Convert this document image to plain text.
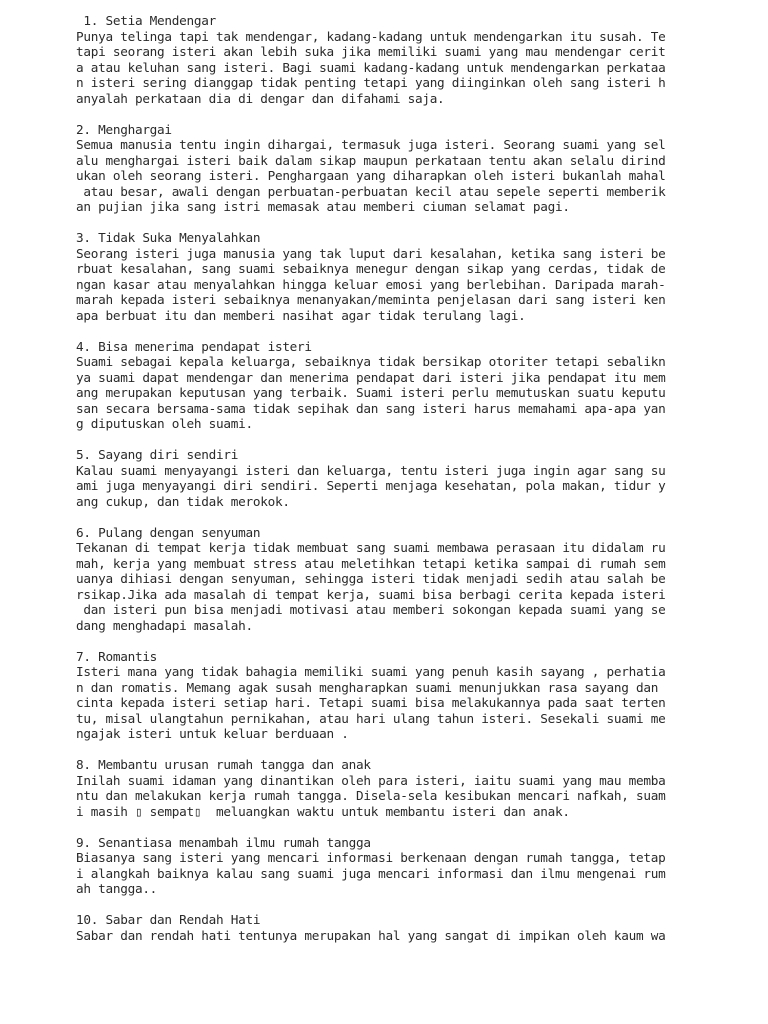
1. Setia Mendengar

Punya telinga tapi tak mendengar, kadang-kadang untuk mendengarkan itu susah. Te

tapi seorang isteri akan lebih suka jika memiliki suami yang mau mendengar cerit

a atau keluhan sang isteri. Bagi suami kadang-kadang untuk mendengarkan perkataa

n isteri sering dianggap tidak penting tetapi yang diinginkan oleh sang isteri h

anyalah perkataan dia di dengar dan difahami saja.

2. Menghargai

Semua manusia tentu ingin dihargai, termasuk juga isteri. Seorang suami yang sel

alu menghargai isteri baik dalam sikap maupun perkataan tentu akan selalu dirind

ukan oleh seorang isteri. Penghargaan yang diharapkan oleh isteri bukanlah mahal

atau besar, awali dengan perbuatan-perbuatan kecil atau sepele seperti memberik

an pujian jika sang istri memasak atau memberi ciuman selamat pagi.

3. Tidak Suka Menyalahkan

Seorang isteri juga manusia yang tak luput dari kesalahan, ketika sang isteri be

rbuat kesalahan, sang suami sebaiknya menegur dengan sikap yang cerdas, tidak de

ngan kasar atau menyalahkan hingga keluar emosi yang berlebihan. Daripada marah-

marah kepada isteri sebaiknya menanyakan/meminta penjelasan dari sang isteri ken

apa berbuat itu dan memberi nasihat agar tidak terulang lagi.

4. Bisa menerima pendapat isteri

Suami sebagai kepala keluarga, sebaiknya tidak bersikap otoriter tetapi sebalikn

ya suami dapat mendengar dan menerima pendapat dari isteri jika pendapat itu mem

ang merupakan keputusan yang terbaik. Suami isteri perlu memutuskan suatu keputu

san secara bersama-sama tidak sepihak dan sang isteri harus memahami apa-apa yan

g diputuskan oleh suami.

5. Sayang diri sendiri

Kalau suami menyayangi isteri dan keluarga, tentu isteri juga ingin agar sang su

ami juga menyayangi diri sendiri. Seperti menjaga kesehatan, pola makan, tidur y

ang cukup, dan tidak merokok.

6. Pulang dengan senyuman

Tekanan di tempat kerja tidak membuat sang suami membawa perasaan itu didalam ru

mah, kerja yang membuat stress atau meletihkan tetapi ketika sampai di rumah sem

uanya dihiasi dengan senyuman, sehingga isteri tidak menjadi sedih atau salah be

rsikap.Jika ada masalah di tempat kerja, suami bisa berbagi cerita kepada isteri

dan isteri pun bisa menjadi motivasi atau memberi sokongan kepada suami yang se

dang menghadapi masalah.

7. Romantis

Isteri mana yang tidak bahagia memiliki suami yang penuh kasih sayang , perhatia

n dan romatis. Memang agak susah mengharapkan suami menunjukkan rasa sayang dan

cinta kepada isteri setiap hari. Tetapi suami bisa melakukannya pada saat terten

tu, misal ulangtahun pernikahan, atau hari ulang tahun isteri. Sesekali suami me

ngajak isteri untuk keluar berduaan .

8. Membantu urusan rumah tangga dan anak

Inilah suami idaman yang dinantikan oleh para isteri, iaitu suami yang mau memba

ntu dan melakukan kerja rumah tangga. Disela-sela kesibukan mencari nafkah, suam

i masih ▯ sempat▯  meluangkan waktu untuk membantu isteri dan anak.

9. Senantiasa menambah ilmu rumah tangga

Biasanya sang isteri yang mencari informasi berkenaan dengan rumah tangga, tetap

i alangkah baiknya kalau sang suami juga mencari informasi dan ilmu mengenai rum

ah tangga..

10. Sabar dan Rendah Hati

Sabar dan rendah hati tentunya merupakan hal yang sangat di impikan oleh kaum wa
